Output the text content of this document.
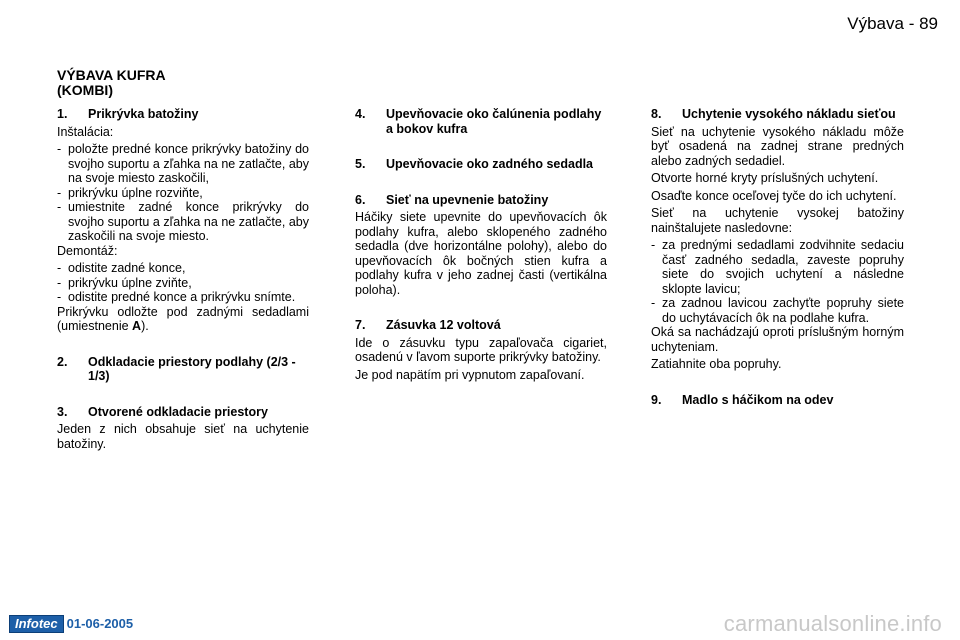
Výbava - 89
VÝBAVA KUFRA
(KOMBI)
1.	Prikrývka batožiny
Inštalácia:
- položte predné konce prikrývky batožiny do svojho suportu a zľahka na ne zatlačte, aby na svoje miesto zaskočili,
- prikrývku úplne rozviňte,
- umiestnite zadné konce prikrývky do svojho suportu a zľahka na ne zatlačte, aby zaskočili na svoje miesto.
Demontáž:
- odistite zadné konce,
- prikrývku úplne zviňte,
- odistite predné konce a prikrývku snímte.
Prikrývku odložte pod zadnými sedadlami (umiestnenie A).
2.	Odkladacie priestory podlahy (2/3 - 1/3)
3.	Otvorené odkladacie priestory
Jeden z nich obsahuje sieť na uchytenie batožiny.
4.	Upevňovacie oko čalúnenia podlahy a bokov kufra
5.	Upevňovacie oko zadného sedadla
6.	Sieť na upevnenie batožiny
Háčiky siete upevnite do upevňovacích ôk podlahy kufra, alebo sklopeného zadného sedadla (dve horizontálne polohy), alebo do upevňovacích ôk bočných stien kufra a podlahy kufra v jeho zadnej časti (vertikálna poloha).
7.	Zásuvka 12 voltová
Ide o zásuvku typu zapaľovača cigariet, osadenú v ľavom suporte prikrývky batožiny.
Je pod napätím pri vypnutom zapaľovaní.
8.	Uchytenie vysokého nákladu sieťou
Sieť na uchytenie vysokého nákladu môže byť osadená na zadnej strane predných alebo zadných sedadiel.
Otvorte horné kryty príslušných uchytení.
Osaďte konce oceľovej tyče do ich uchytení.
Sieť na uchytenie vysokej batožiny nainštalujete nasledovne:
- za prednými sedadlami zodvihnite sedaciu časť zadného sedadla, zaveste popruhy siete do svojich uchytení a následne sklopte lavicu;
- za zadnou lavicou zachyťte popruhy siete do uchytávacích ôk na podlahe kufra.
Oká sa nachádzajú oproti príslušným horným uchyteniam.
Zatiahnite oba popruhy.
9.	Madlo s háčikom na odev
Infotec 01-06-2005	carmanualsonline.info
